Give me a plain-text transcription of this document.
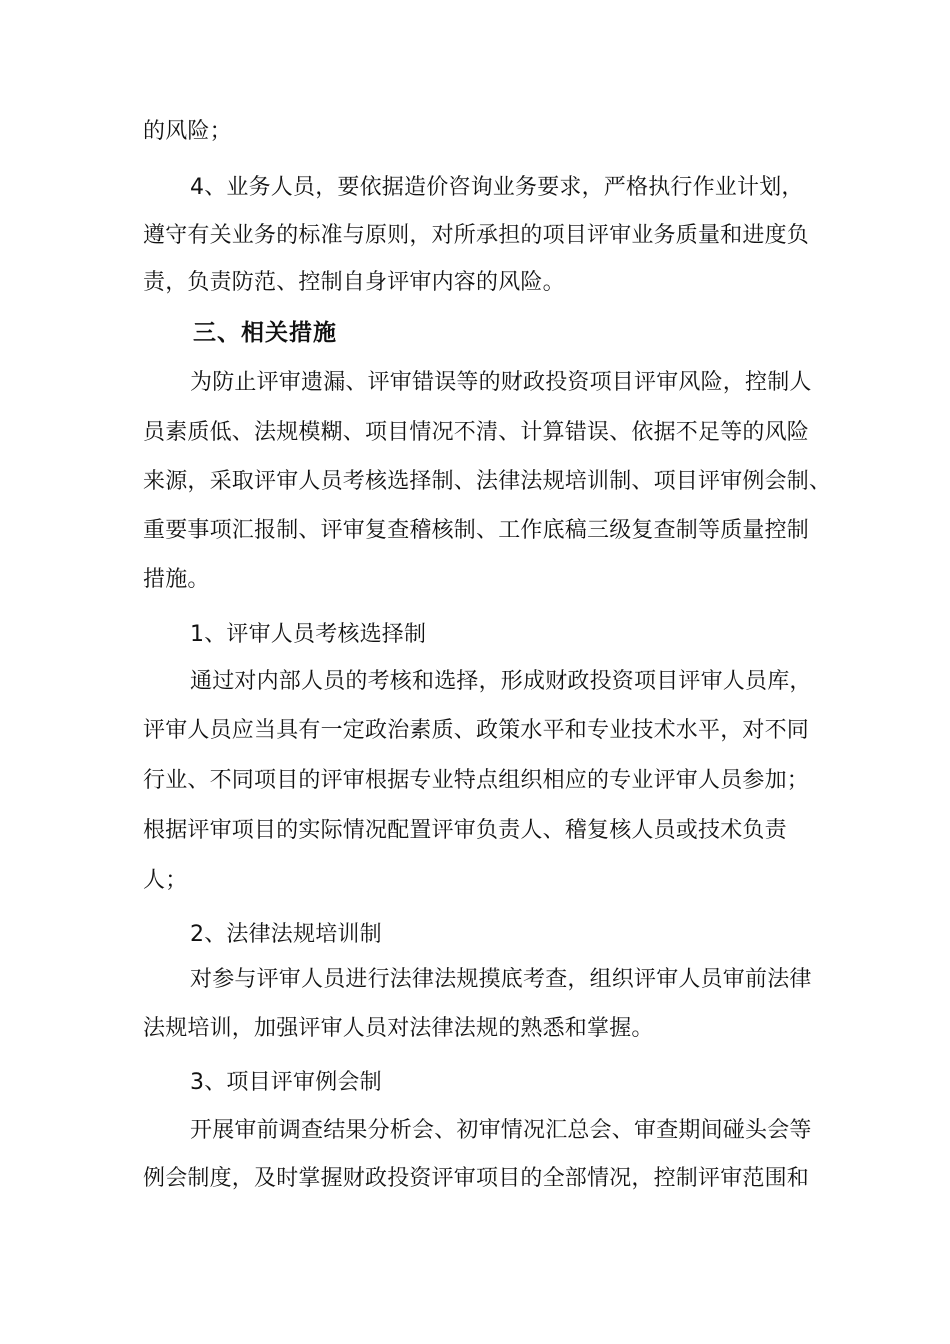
的风险；
4、业务人员，要依据造价咨询业务要求，严格执行作业计划，
遵守有关业务的标准与原则，对所承担的项目评审业务质量和进度负
责，负责防范、控制自身评审内容的风险。
三、相关措施
为防止评审遗漏、评审错误等的财政投资项目评审风险，控制人
员素质低、法规模糊、项目情况不清、计算错误、依据不足等的风险
来源，采取评审人员考核选择制、法律法规培训制、项目评审例会制、
重要事项汇报制、评审复查稽核制、工作底稿三级复查制等质量控制
措施。
1、评审人员考核选择制
通过对内部人员的考核和选择，形成财政投资项目评审人员库，
评审人员应当具有一定政治素质、政策水平和专业技术水平，对不同
行业、不同项目的评审根据专业特点组织相应的专业评审人员参加；
根据评审项目的实际情况配置评审负责人、稽复核人员或技术负责
人；
2、法律法规培训制
对参与评审人员进行法律法规摸底考查，组织评审人员审前法律
法规培训，加强评审人员对法律法规的熟悉和掌握。
3、项目评审例会制
开展审前调查结果分析会、初审情况汇总会、审查期间碰头会等
例会制度，及时掌握财政投资评审项目的全部情况，控制评审范围和
